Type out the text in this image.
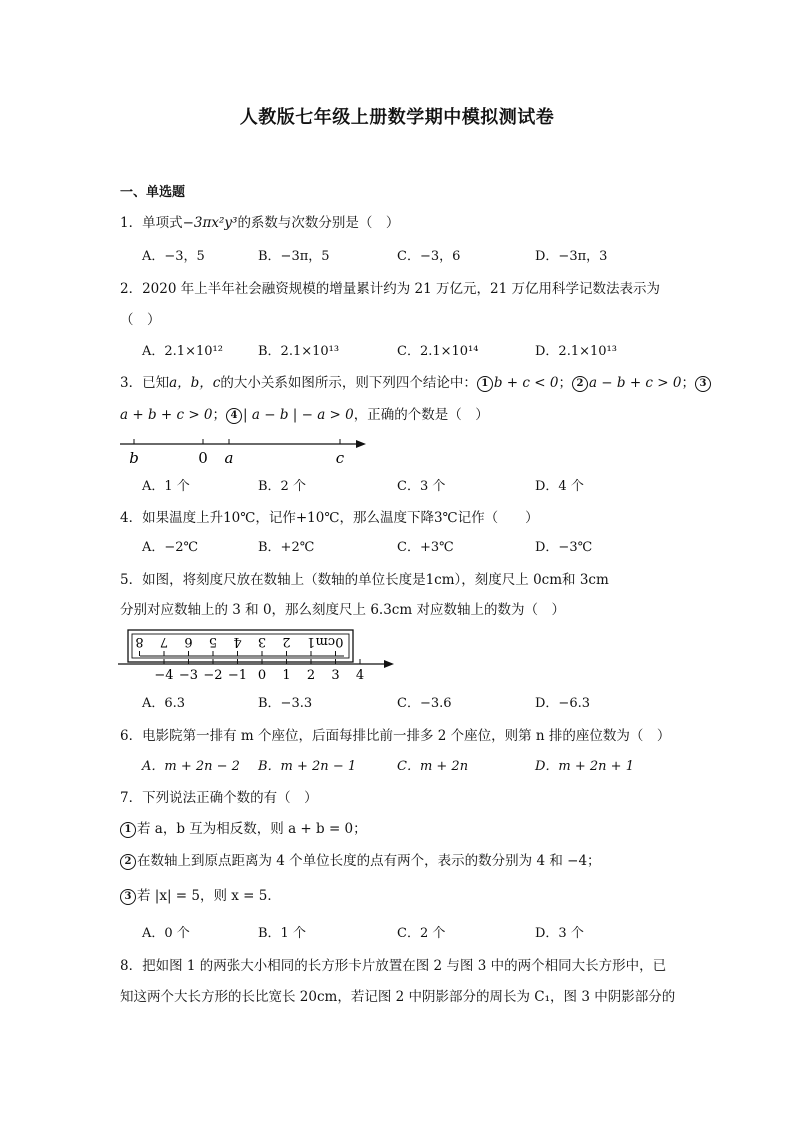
人教版七年级上册数学期中模拟测试卷
一、单选题
1．单项式−3πx²y³的系数与次数分别是（　）
A．−3，5	B．−3π，5	C．−3，6	D．−3π，3
2．2020 年上半年社会融资规模的增量累计约为 21 万亿元，21 万亿用科学记数法表示为
（　）
A．2.1×10¹²	B．2.1×10¹³	C．2.1×10¹⁴	D．2.1×10¹³
3．已知a，b，c的大小关系如图所示，则下列四个结论中： 1 b + c < 0； 2 a − b + c > 0； 3
a + b + c > 0； 4 | a − b | − a > 0，正确的个数是（　）
b	0 a	c
A．1 个	B．2 个	C．3 个	D．4 个
4．如果温度上升10℃，记作+10℃，那么温度下降3℃记作（　　）
A．−2℃	B．+2℃	C．+3℃	D．−3℃
5．如图，将刻度尺放在数轴上（数轴的单位长度是1cm），刻度尺上 0cm和 3cm
分别对应数轴上的 3 和 0，那么刻度尺上 6.3cm 对应数轴上的数为（　）
8 7 6 5 4 3 2 1 0cm
−4 −3 −2 −1 0 1 2 3 4
A．6.3	B．−3.3	C．−3.6	D．−6.3
6．电影院第一排有 m 个座位，后面每排比前一排多 2 个座位，则第 n 排的座位数为（　）
A．m + 2n − 2 B．m + 2n − 1	C．m + 2n	D．m + 2n + 1
7．下列说法正确个数的有（　）
1 若 a，b 互为相反数，则 a + b = 0；
2 在数轴上到原点距离为 4 个单位长度的点有两个，表示的数分别为 4 和 −4；
3 若 |x| = 5，则 x = 5．
A．0 个	B．1 个	C．2 个	D．3 个
8．把如图 1 的两张大小相同的长方形卡片放置在图 2 与图 3 中的两个相同大长方形中，已
知这两个大长方形的长比宽长 20cm，若记图 2 中阴影部分的周长为 C₁，图 3 中阴影部分的
